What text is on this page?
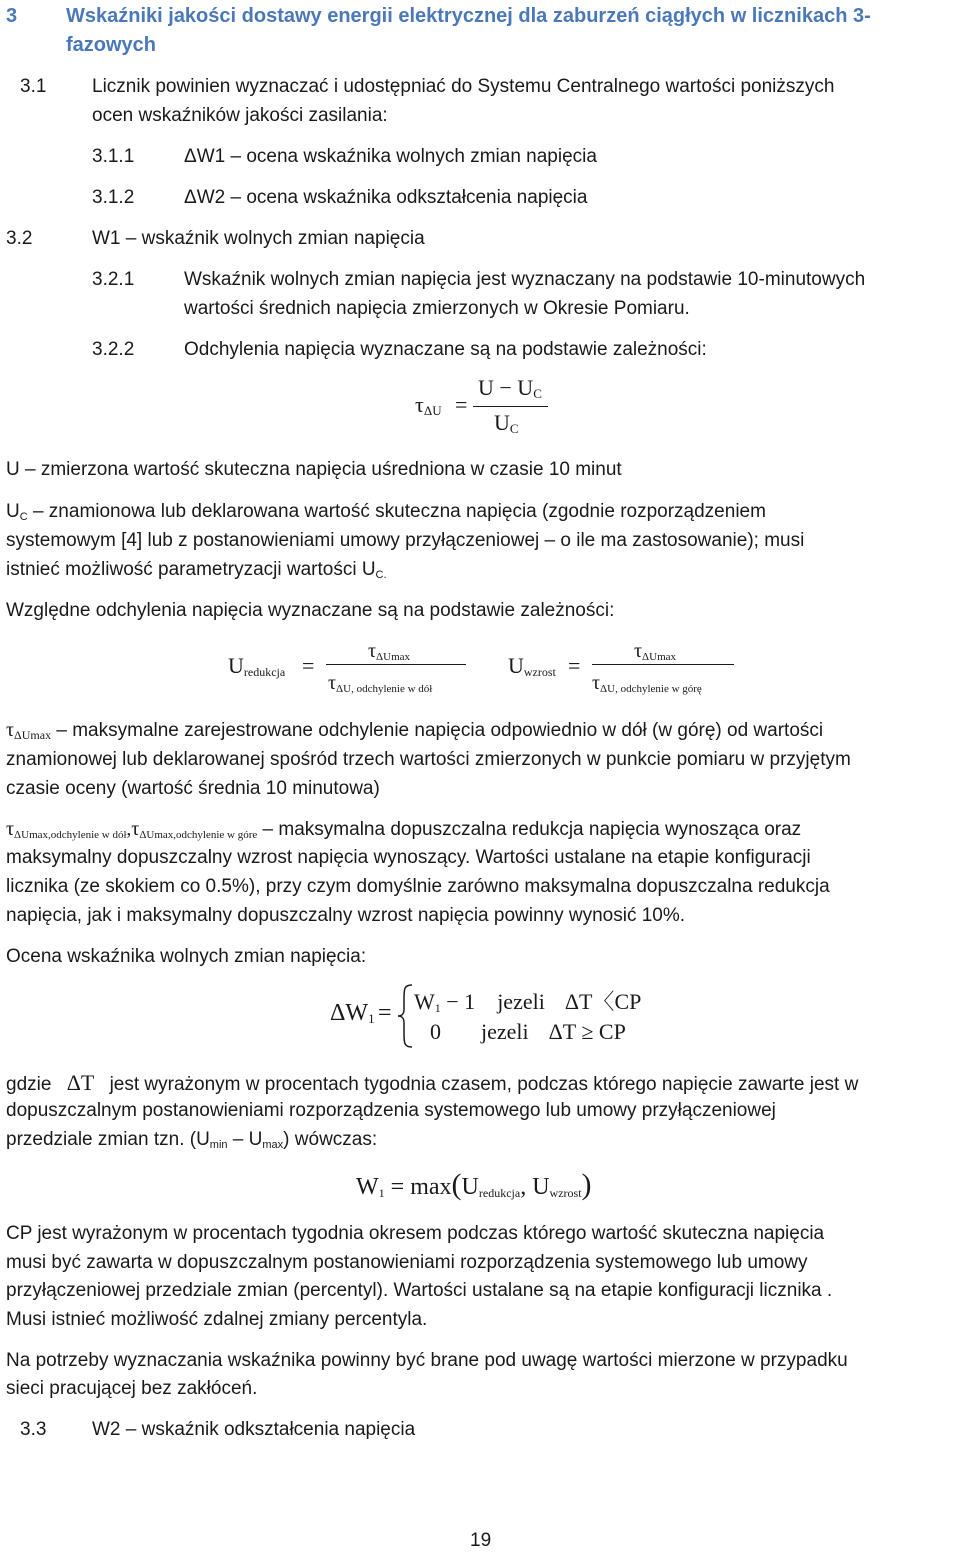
3 Wskaźniki jakości dostawy energii elektrycznej dla zaburzeń ciągłych w licznikach 3-
fazowych
3.1 Licznik powinien wyznaczać i udostępniać do Systemu Centralnego wartości poniższych
ocen wskaźników jakości zasilania:
3.1.1	ΔW1 – ocena wskaźnika wolnych zmian napięcia
3.1.2	ΔW2 – ocena wskaźnika odkształcenia napięcia
3.2	W1 – wskaźnik wolnych zmian napięcia
3.2.1	Wskaźnik wolnych zmian napięcia jest wyznaczany na podstawie 10-minutowych
wartości średnich napięcia zmierzonych w Okresie Pomiaru.
3.2.2	Odchylenia napięcia wyznaczane są na podstawie zależności:
$\tau_{\Delta U}$ =
$U - U_C$
$U_C$
U – zmierzona wartość skuteczna napięcia uśredniona w czasie 10 minut
$U_C$ – znamionowa lub deklarowana wartość skuteczna napięcia (zgodnie rozporządzeniem
systemowym [4] lub z postanowieniami umowy przyłączeniowej – o ile ma zastosowanie); musi
istnieć możliwość parametryzacji wartości $U_{C.}$
Względne odchylenia napięcia wyznaczane są na podstawie zależności:
$U_{redukcja}$ =
$\tau_{\Delta Umax}$
$\tau_{\Delta U, odchylenie w dół}$
$U_{wzrost}$ =
$\tau_{\Delta Umax}$
$\tau_{\Delta U, odchylenie w górę}$
$\tau_{\Delta Umax}$ – maksymalne zarejestrowane odchylenie napięcia odpowiednio w dół (w górę) od wartości
znamionowej lub deklarowanej spośród trzech wartości zmierzonych w punkcie pomiaru w przyjętym
czasie oceny (wartość średnia 10 minutowa)
$\tau_{\Delta Umax,odchylenie w dół},\tau_{\Delta Umax,odchylenie w góre}$ – maksymalna dopuszczalna redukcja napięcia wynosząca oraz
maksymalny dopuszczalny wzrost napięcia wynoszący. Wartości ustalane na etapie konfiguracji
licznika (ze skokiem co 0.5%), przy czym domyślnie zarówno maksymalna dopuszczalna redukcja
napięcia, jak i maksymalny dopuszczalny wzrost napięcia powinny wynosić 10%.
Ocena wskaźnika wolnych zmian napięcia:
$\Delta W_1 = W_1 - 1$ jezeli ΔT〈CP
0 jezeli ΔT ≥ CP
gdzie ΔT jest wyrażonym w procentach tygodnia czasem, podczas którego napięcie zawarte jest w
dopuszczalnym postanowieniami rozporządzenia systemowego lub umowy przyłączeniowej
przedziale zmian tzn. $(U_{min} - U_{max})$ wówczas:
$W_1 = \max(U_{redukcja}$, $U_{wzrost}$)
CP jest wyrażonym w procentach tygodnia okresem podczas którego wartość skuteczna napięcia
musi być zawarta w dopuszczalnym postanowieniami rozporządzenia systemowego lub umowy
przyłączeniowej przedziale zmian (percentyl). Wartości ustalane są na etapie konfiguracji licznika .
Musi istnieć możliwość zdalnej zmiany percentyla.
Na potrzeby wyznaczania wskaźnika powinny być brane pod uwagę wartości mierzone w przypadku
sieci pracującej bez zakłóceń.
3.3 W2 – wskaźnik odkształcenia napięcia
19
